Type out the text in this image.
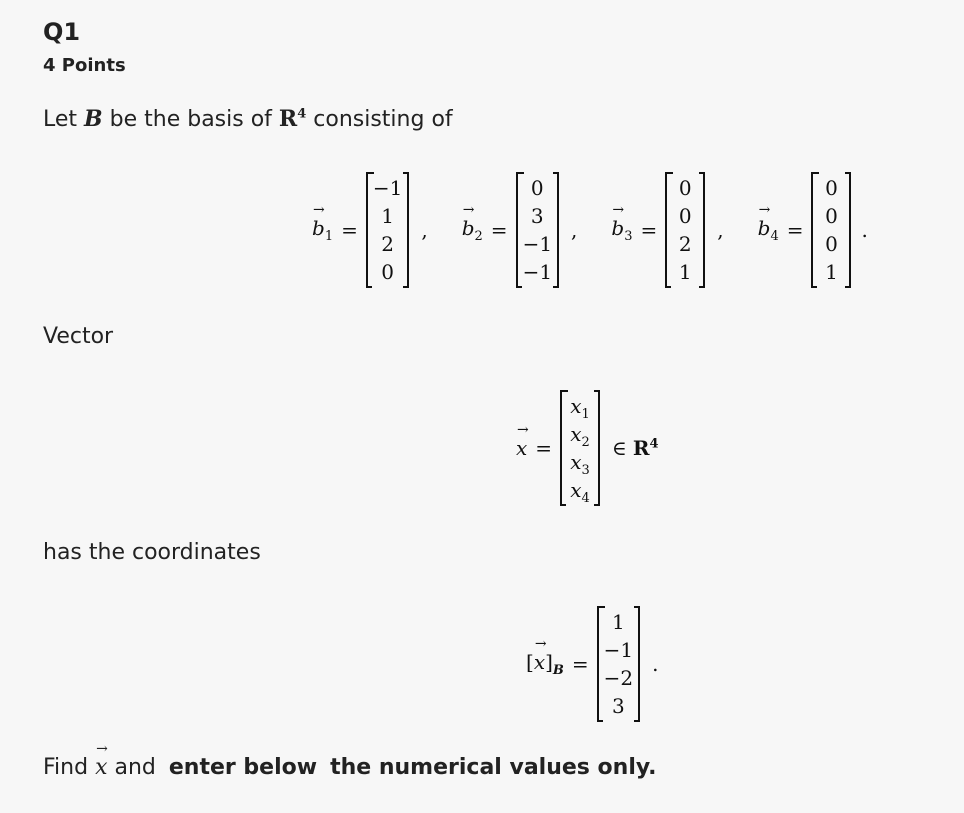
Q1
4 Points
Let B be the basis of $R^4$ consisting of
→ $b_1$ =
−1
1
2
0
, → $b_2$ =
0
3
−1
−1
, → $b_3$ =
0
0
2
1
, → $b_4$ =
0
0
0
1
.
Vector
→ x =
$x_1$
$x_2$
$x_3$
$x_4$
∈ $R^4$
has the coordinates
[→ $x]_B$ =
1
−1
−2
3
.
Find → x and enter below the numerical values only.
